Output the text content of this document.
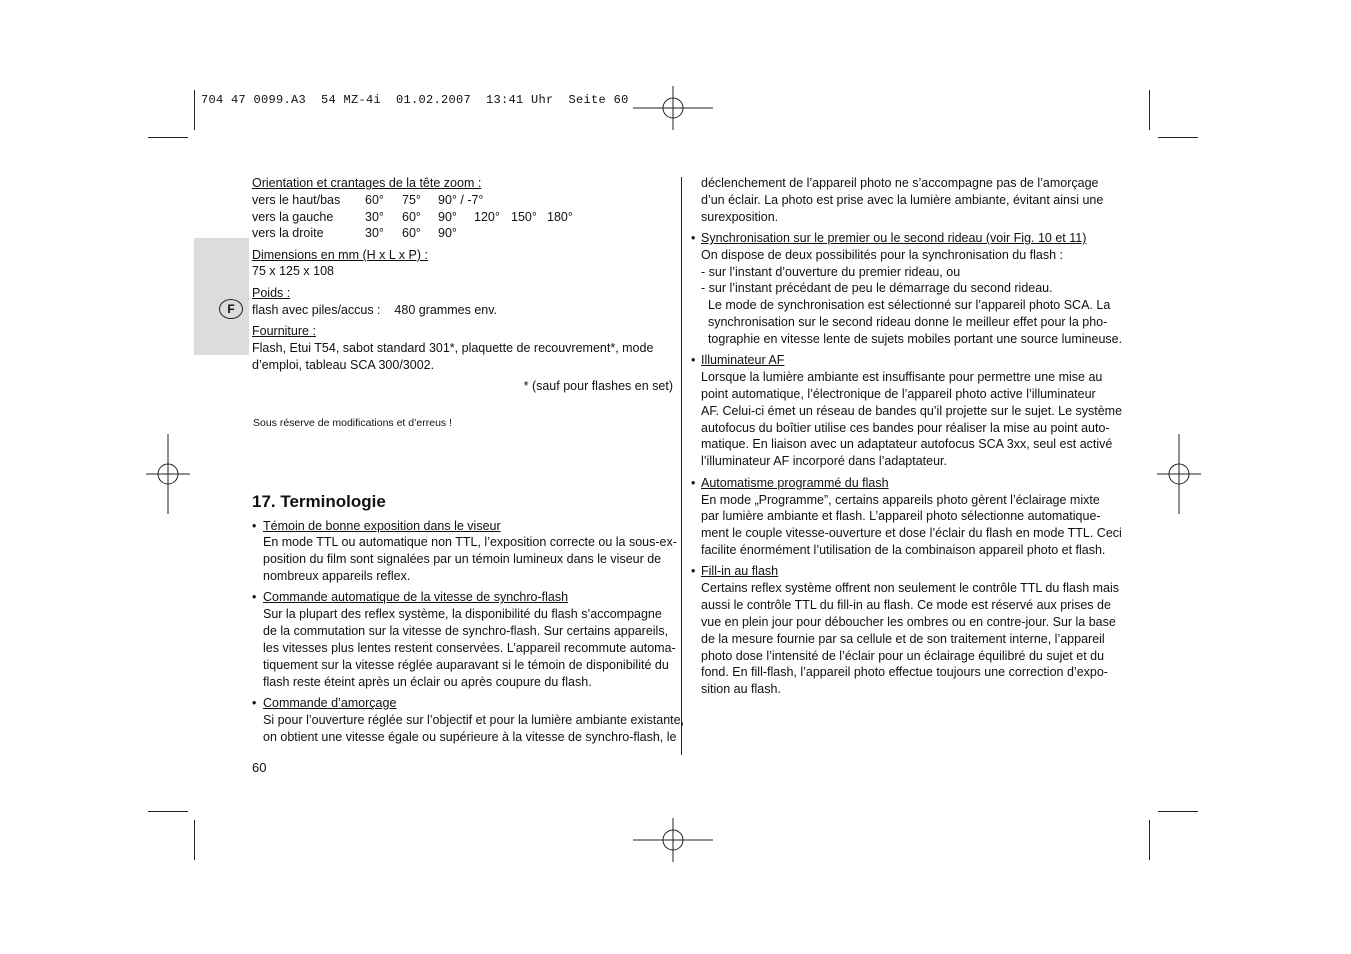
704 47 0099.A3  54 MZ-4i  01.02.2007  13:41 Uhr  Seite 60
F
Orientation et crantages de la tête zoom :
vers le haut/bas 60° 75° 90° / -7°
vers la gauche	30° 60° 90° 120° 150° 180°
vers la droite	30° 60° 90°
Dimensions en mm (H x L x P) :
75 x 125 x 108
Poids :
flash avec piles/accus :    480 grammes env.
Fourniture :
Flash, Etui T54, sabot standard 301*, plaquette de recouvrement*, mode
d’emploi, tableau SCA 300/3002.
* (sauf pour flashes en set)
Sous réserve de modifications et d’erreus !
17. Terminologie
• Témoin de bonne exposition dans le viseur
En mode TTL ou automatique non TTL, l’exposition correcte ou la sous-ex-
position du film sont signalées par un témoin lumineux dans le viseur de
nombreux appareils reflex.
• Commande automatique de la vitesse de synchro-flash
Sur la plupart des reflex système, la disponibilité du flash s’accompagne
de la commutation sur la vitesse de synchro-flash. Sur certains appareils,
les vitesses plus lentes restent conservées. L’appareil recommute automa-
tiquement sur la vitesse réglée auparavant si le témoin de disponibilité du
flash reste éteint après un éclair ou après coupure du flash.
• Commande d’amorçage
Si pour l’ouverture réglée sur l’objectif et pour la lumière ambiante existante,
on obtient une vitesse égale ou supérieure à la vitesse de synchro-flash, le
60
déclenchement de l’appareil photo ne s’accompagne pas de l’amorçage
d’un éclair. La photo est prise avec la lumière ambiante, évitant ainsi une
surexposition.
• Synchronisation sur le premier ou le second rideau (voir Fig. 10 et 11)
On dispose de deux possibilités pour la synchronisation du flash :
- sur l’instant d’ouverture du premier rideau, ou
- sur l’instant précédant de peu le démarrage du second rideau.
Le mode de synchronisation est sélectionné sur l’appareil photo SCA. La
synchronisation sur le second rideau donne le meilleur effet pour la pho-
tographie en vitesse lente de sujets mobiles portant une source lumineuse.
• Illuminateur AF
Lorsque la lumière ambiante est insuffisante pour permettre une mise au
point automatique, l’électronique de l’appareil photo active l’illuminateur
AF. Celui-ci émet un réseau de bandes qu’il projette sur le sujet. Le système
autofocus du boîtier utilise ces bandes pour réaliser la mise au point auto-
matique. En liaison avec un adaptateur autofocus SCA 3xx, seul est activé
l’illuminateur AF incorporé dans l’adaptateur.
• Automatisme programmé du flash
En mode „Programme”, certains appareils photo gèrent l’éclairage mixte
par lumière ambiante et flash. L’appareil photo sélectionne automatique-
ment le couple vitesse-ouverture et dose l’éclair du flash en mode TTL. Ceci
facilite énormément l’utilisation de la combinaison appareil photo et flash.
• Fill-in au flash
Certains reflex système offrent non seulement le contrôle TTL du flash mais
aussi le contrôle TTL du fill-in au flash. Ce mode est réservé aux prises de
vue en plein jour pour déboucher les ombres ou en contre-jour. Sur la base
de la mesure fournie par sa cellule et de son traitement interne, l’appareil
photo dose l’intensité de l’éclair pour un éclairage équilibré du sujet et du
fond. En fill-flash, l’appareil photo effectue toujours une correction d’expo-
sition au flash.
